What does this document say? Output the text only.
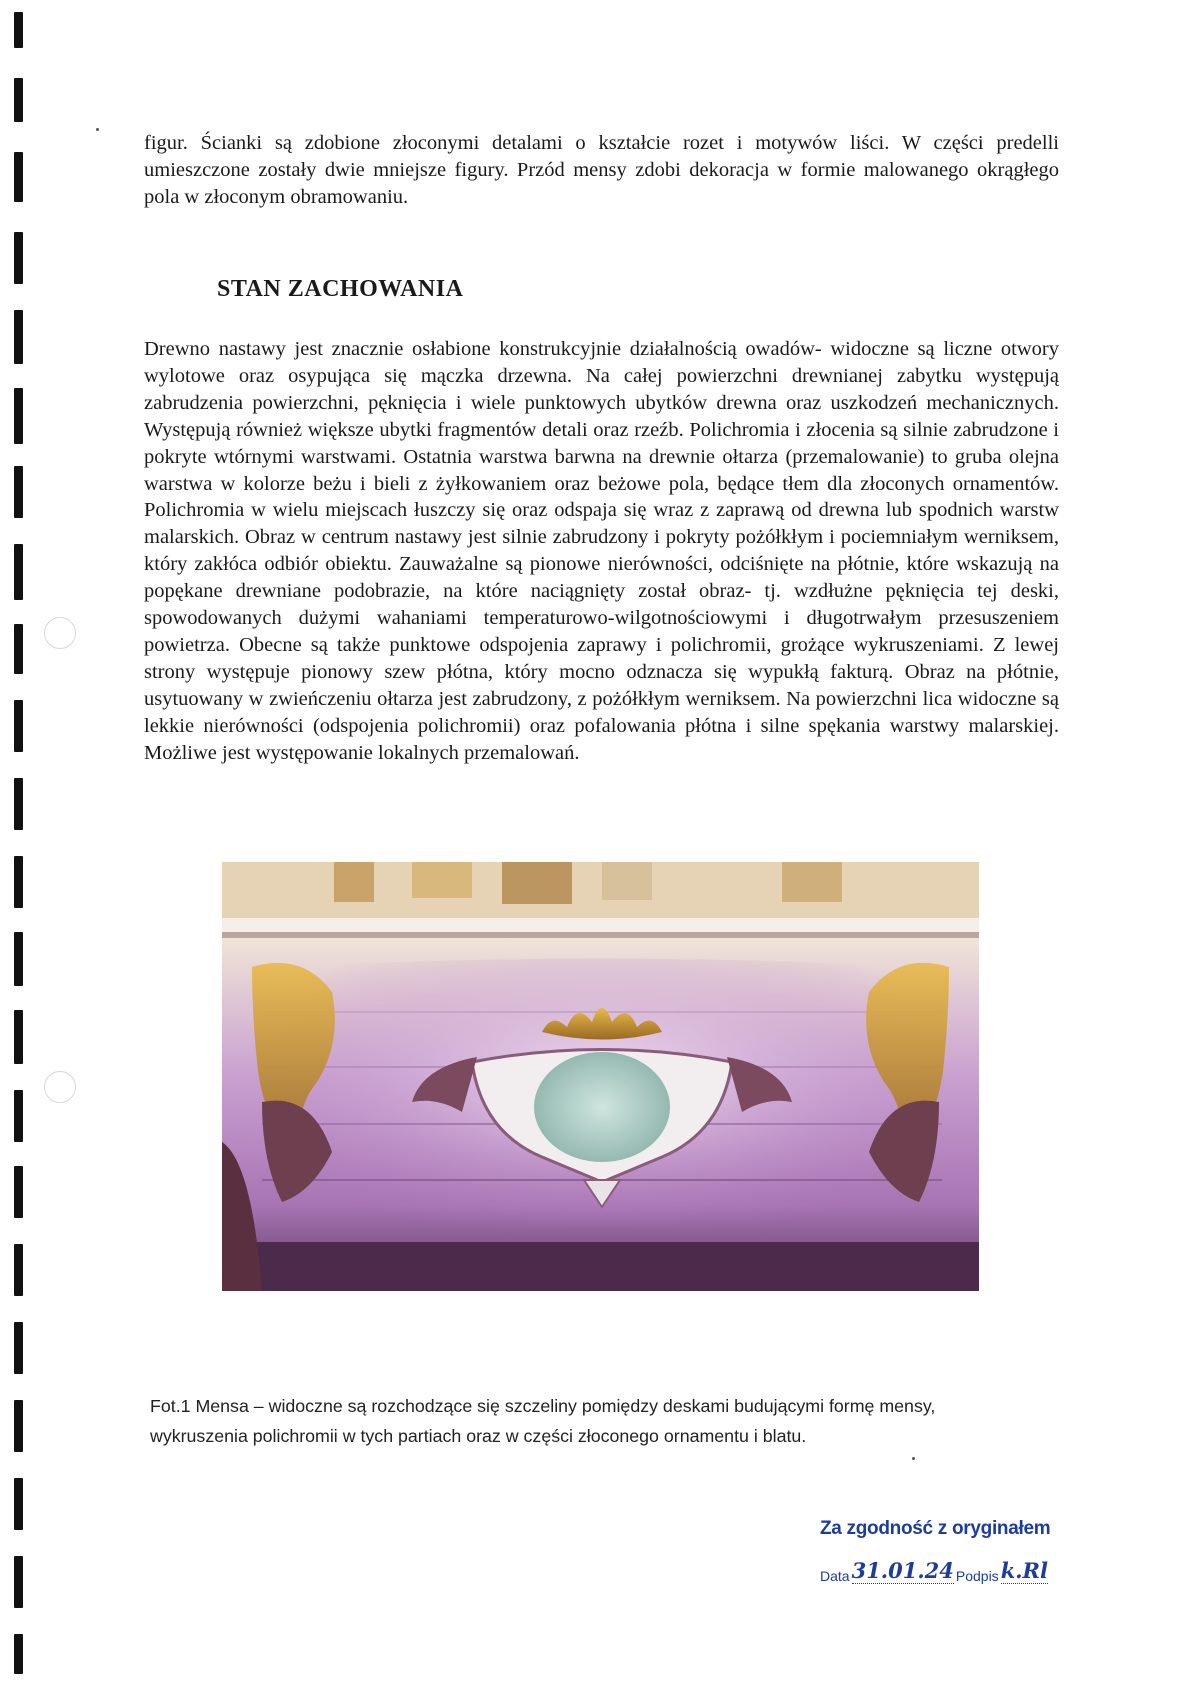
figur. Ścianki są zdobione złoconymi detalami o kształcie rozet i motywów liści. W części predelli umieszczone zostały dwie mniejsze figury. Przód mensy zdobi dekoracja w formie malowanego okrągłego pola w złoconym obramowaniu.

STAN ZACHOWANIA

Drewno nastawy jest znacznie osłabione konstrukcyjnie działalnością owadów- widoczne są liczne otwory wylotowe oraz osypująca się mączka drzewna. Na całej powierzchni drewnianej zabytku występują zabrudzenia powierzchni, pęknięcia i wiele punktowych ubytków drewna oraz uszkodzeń mechanicznych. Występują również większe ubytki fragmentów detali oraz rzeźb. Polichromia i złocenia są silnie zabrudzone i pokryte wtórnymi warstwami. Ostatnia warstwa barwna na drewnie ołtarza (przemalowanie) to gruba olejna warstwa w kolorze beżu i bieli z żyłkowaniem oraz beżowe pola, będące tłem dla złoconych ornamentów. Polichromia w wielu miejscach łuszczy się oraz odspaja się wraz z zaprawą od drewna lub spodnich warstw malarskich. Obraz w centrum nastawy jest silnie zabrudzony i pokryty pożółkłym i pociemniałym werniksem, który zakłóca odbiór obiektu. Zauważalne są pionowe nierówności, odciśnięte na płótnie, które wskazują na popękane drewniane podobrazie, na które naciągnięty został obraz- tj. wzdłużne pęknięcia tej deski, spowodowanych dużymi wahaniami temperaturowo-wilgotnościowymi i długotrwałym przesuszeniem powietrza. Obecne są także punktowe odspojenia zaprawy i polichromii, grożące wykruszeniami. Z lewej strony występuje pionowy szew płótna, który mocno odznacza się wypukłą fakturą. Obraz na płótnie, usytuowany w zwieńczeniu ołtarza jest zabrudzony, z pożółkłym werniksem. Na powierzchni lica widoczne są lekkie nierówności (odspojenia polichromii) oraz pofalowania płótna i silne spękania warstwy malarskiej. Możliwe jest występowanie lokalnych przemalowań.

Fot.1 Mensa – widoczne są rozchodzące się szczeliny pomiędzy deskami budującymi formę mensy, wykruszenia polichromii w tych partiach oraz w części złoconego ornamentu i blatu.

Za zgodność z oryginałem
Data 31.01.24 Podpis k.Rl
